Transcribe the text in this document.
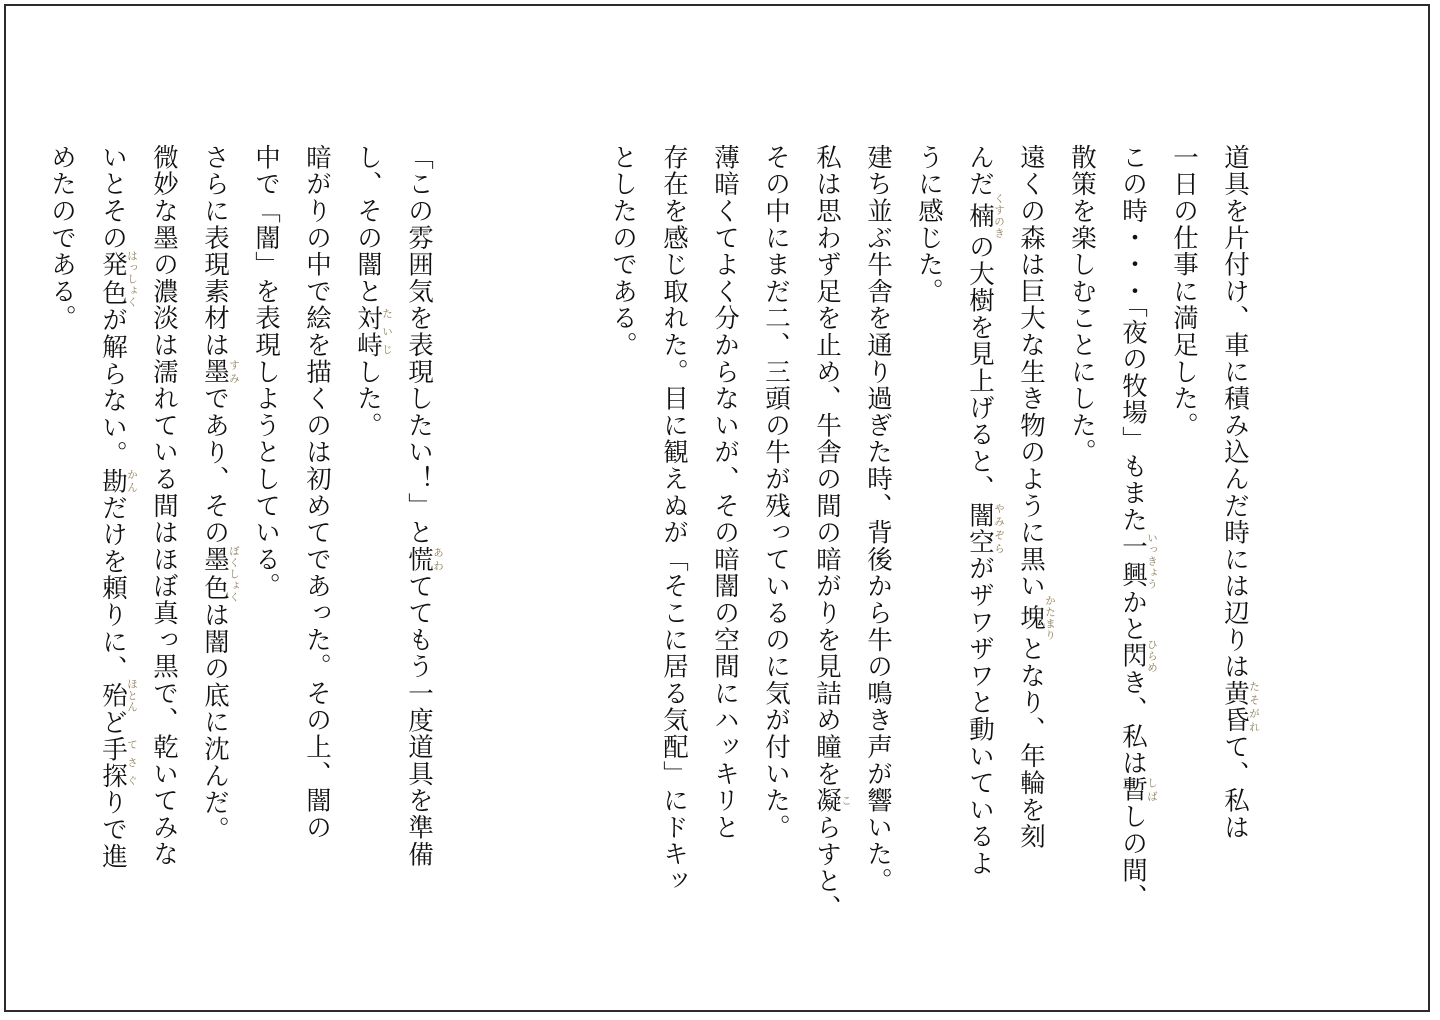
道具を片付け、車に積み込んだ時には辺りは黄昏たそがれて、私は
一日の仕事に満足した。
この時・・・「夜の牧場」もまた一興いっきょうかと閃ひらめき、私は暫しばしの間、
散策を楽しむことにした。
遠くの森は巨大な生き物のように黒い塊かたまりとなり、年輪を刻
んだ楠くすのきの大樹を見上げると、闇空やみぞらがザワザワと動いているよ
うに感じた。
建ち並ぶ牛舎を通り過ぎた時、背後から牛の鳴き声が響いた。
私は思わず足を止め、牛舎の間の暗がりを見詰め瞳を凝こらすと、
その中にまだ二、三頭の牛が残っているのに気が付いた。
薄暗くてよく分からないが、その暗闇の空間にハッキリと
存在を感じ取れた。目に観えぬが「そこに居る気配」にドキッ
としたのである。
「この雰囲気を表現したい！」と慌あわててもう一度道具を準備
し、その闇と対峙たいじした。
暗がりの中で絵を描くのは初めてであった。その上、闇の
中で「闇」を表現しようとしている。
さらに表現素材は墨すみであり、その墨色ぼくしょくは闇の底に沈んだ。
微妙な墨の濃淡は濡れている間はほぼ真っ黒で、乾いてみな
いとその発色はっしょくが解らない。勘かんだけを頼りに、殆ほとんど手探てさぐりで進
めたのである。
